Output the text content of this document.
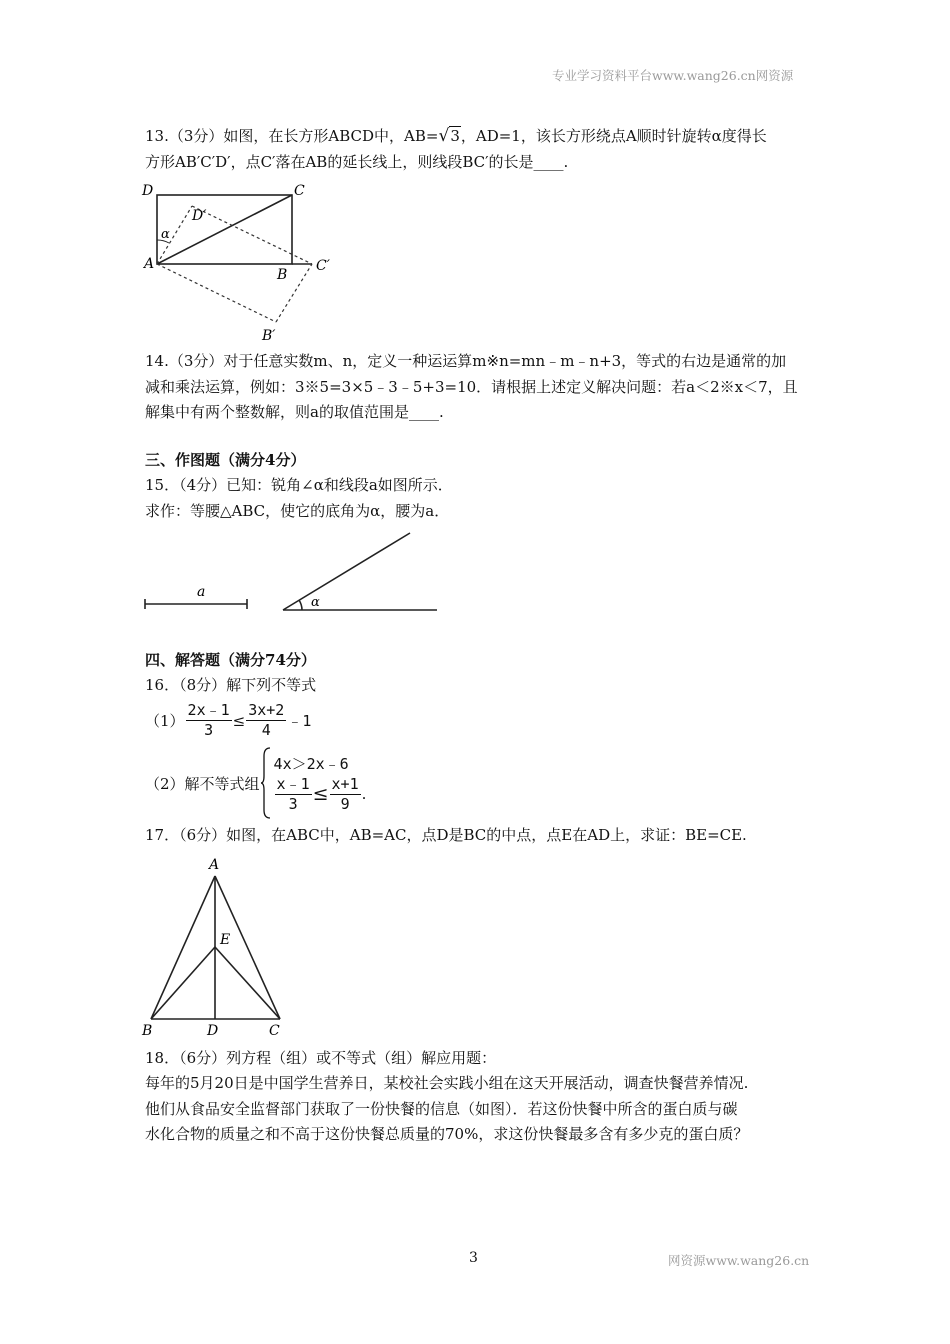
专业学习资料平台www.wang26.cn网资源
13.（3分）如图，在长方形ABCD中，AB=√3，AD=1，该长方形绕点A顺时针旋转α度得长
方形AB′C′D′，点C′落在AB的延长线上，则线段BC′的长是____.
D	C
D′
α
A
B
C′
B′
14.（3分）对于任意实数m、n，定义一种运运算m※n=mn﹣m﹣n+3，等式的右边是通常的加
减和乘法运算，例如：3※5=3×5﹣3﹣5+3=10．请根据上述定义解决问题：若a＜2※x＜7，且
解集中有两个整数解，则a的取值范围是____.
三、作图题（满分4分）
15．（4分）已知：锐角∠α和线段a如图所示．
求作：等腰△ABC，使它的底角为α，腰为a．
a
α
四、解答题（满分74分）
16．（8分）解下列不等式
$(1) \frac{2x﹣1}{3} \le \frac{3x+2}{4}$ ﹣1
（2）解不等式组
4x＞2x﹣6
$\frac{x﹣1}{3} \le \frac{x+1}{9}$ .
17．（6分）如图，在ABC中，AB=AC，点D是BC的中点，点E在AD上，求证：BE=CE.
A
E
B	D	C
18．（6分）列方程（组）或不等式（组）解应用题：
每年的5月20日是中国学生营养日，某校社会实践小组在这天开展活动，调查快餐营养情况.
他们从食品安全监督部门获取了一份快餐的信息（如图）．若这份快餐中所含的蛋白质与碳
水化合物的质量之和不高于这份快餐总质量的70%，求这份快餐最多含有多少克的蛋白质？
3	网资源www.wang26.cn
